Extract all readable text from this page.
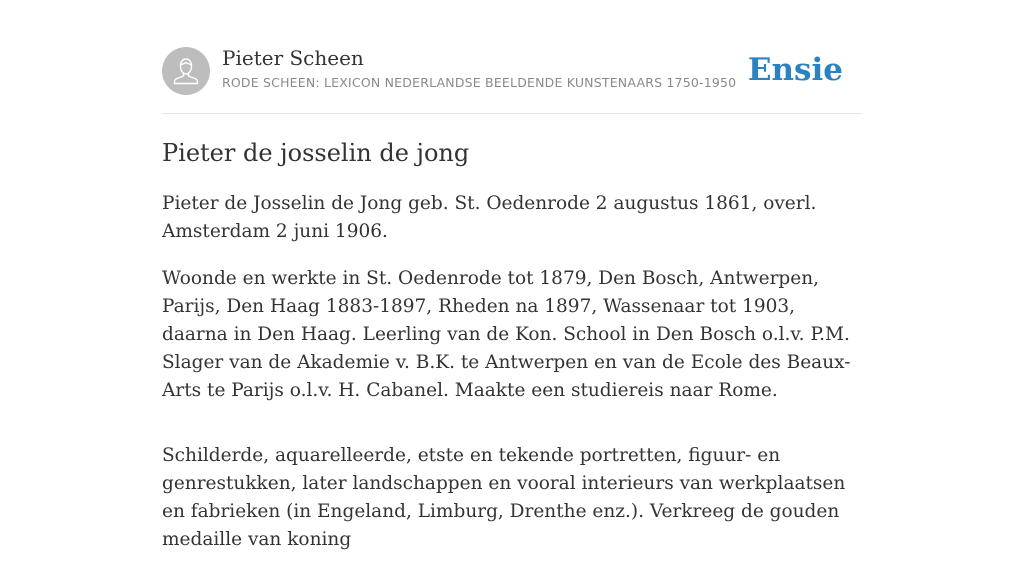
Pieter Scheen
RODE SCHEEN: LEXICON NEDERLANDSE BEELDENDE KUNSTENAARS 1750-1950 Ensie
Pieter de josselin de jong

Pieter de Josselin de Jong geb. St. Oedenrode 2 augustus 1861, overl. Amsterdam 2 juni 1906.

Woonde en werkte in St. Oedenrode tot 1879, Den Bosch, Antwerpen, Parijs, Den Haag 1883-1897, Rheden na 1897, Wassenaar tot 1903, daarna in Den Haag. Leerling van de Kon. School in Den Bosch o.l.v. P.M. Slager van de Akademie v. B.K. te Antwerpen en van de Ecole des Beaux-Arts te Parijs o.l.v. H. Cabanel. Maakte een studiereis naar Rome.

Schilderde, aquarelleerde, etste en tekende portretten, figuur- en genrestukken, later landschappen en vooral interieurs van werkplaatsen en fabrieken (in Engeland, Limburg, Drenthe enz.). Verkreeg de gouden medaille van koning
